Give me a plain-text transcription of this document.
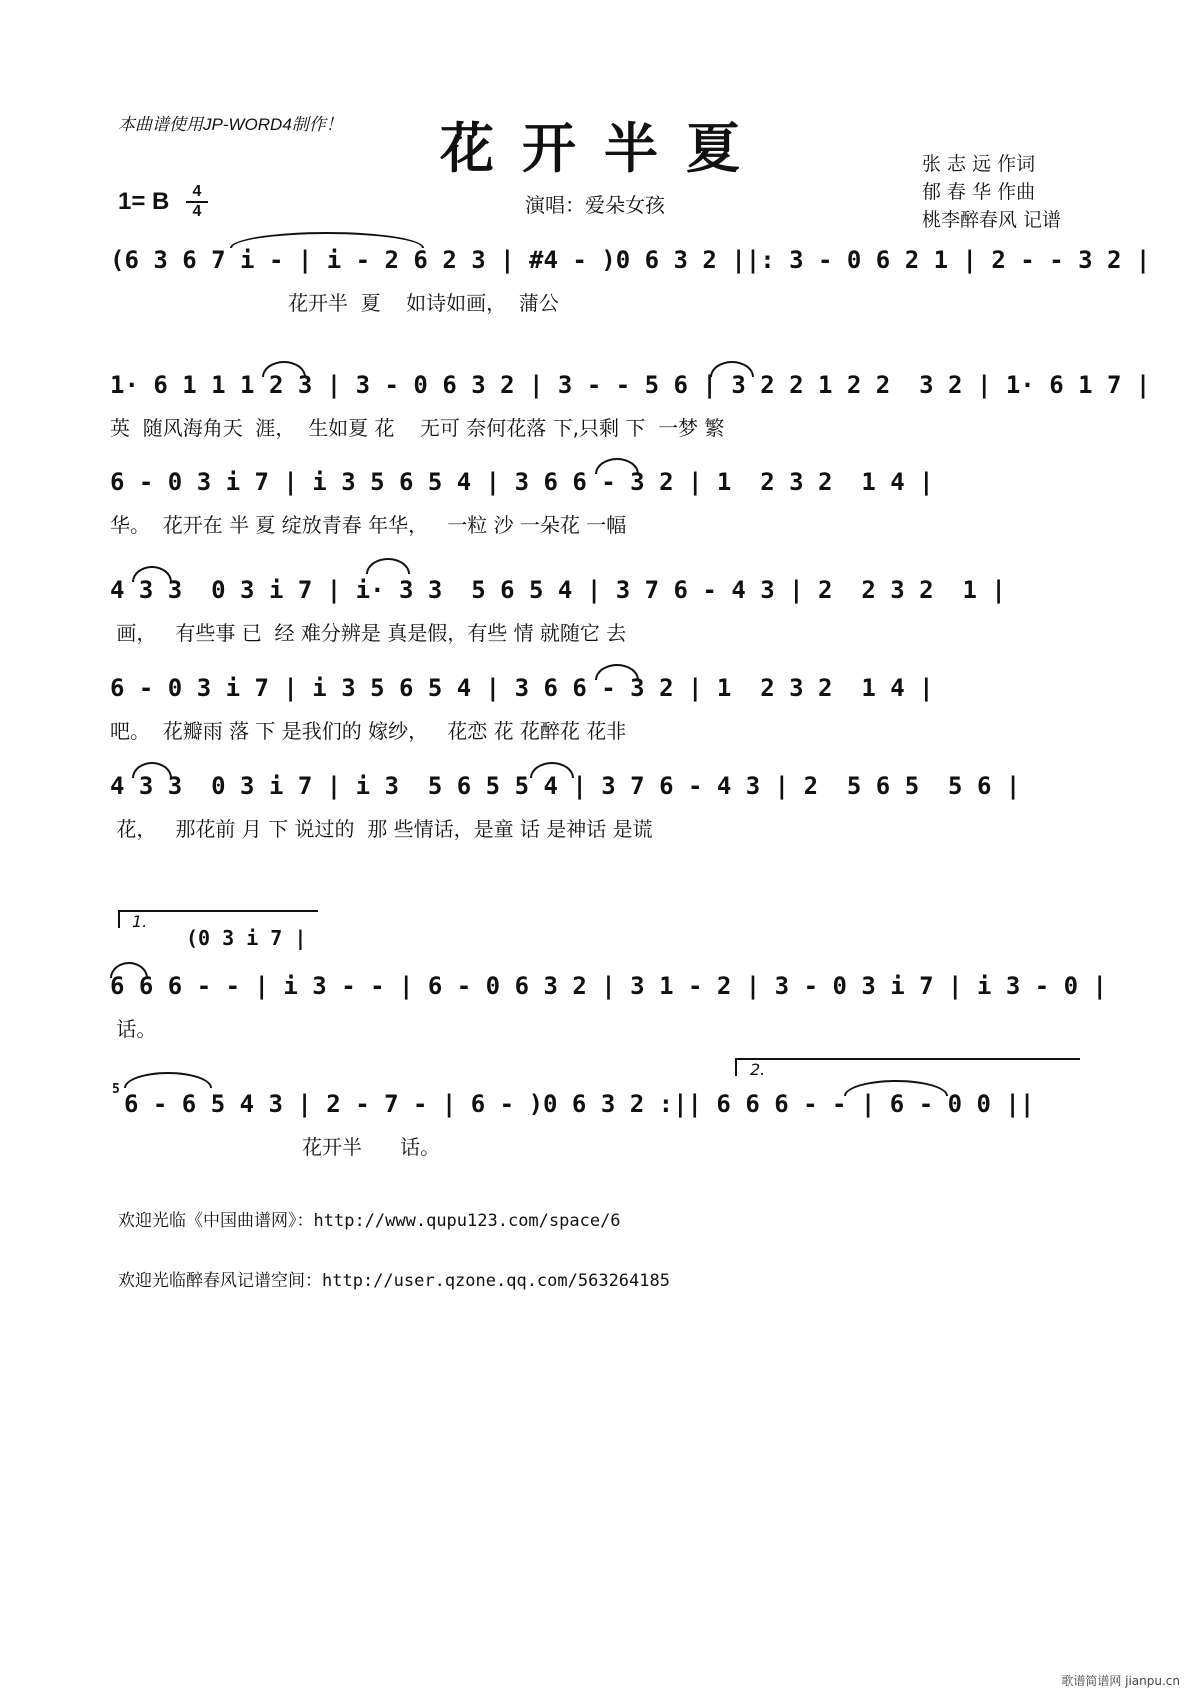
本曲谱使用JP-WORD4制作！ 花开半夏
1= B	4
4	演唱：爱朵女孩
张 志 远 作词
郁 春 华 作曲
桃李醉春风 记谱
(6 3 6 7 i - | i - 2 6 2 3 | #4 - )0 6 3 2 ||: 3 - 0 6 2 1 | 2 - - 3 2 |
花开半  夏    如诗如画，  蒲公
1· 6 1 1 1 2 3 | 3 - 0 6 3 2 | 3 - - 5 6 | 3 2 2 1 2 2  3 2 | 1· 6 1 7 |
英  随风海角天  涯，  生如夏 花    无可 奈何花落 下,只剩 下  一梦 繁
6 - 0 3 i 7 | i 3 5 6 5 4 | 3 6 6 - 3 2 | 1  2 3 2  1 4 |
华。  花开在 半 夏 绽放青春 年华，   一粒 沙 一朵花 一幅
4 3 3  0 3 i 7 | i· 3 3  5 6 5 4 | 3 7 6 - 4 3 | 2  2 3 2  1 |
画，   有些事 已  经 难分辨是 真是假，有些 情 就随它 去
6 - 0 3 i 7 | i 3 5 6 5 4 | 3 6 6 - 3 2 | 1  2 3 2  1 4 |
吧。  花瓣雨 落 下 是我们的 嫁纱，   花恋 花 花醉花 花非
4 3 3  0 3 i 7 | i 3  5 6 5 5 4 | 3 7 6 - 4 3 | 2  5 6 5  5 6 |
花，   那花前 月 下 说过的  那 些情话，是童 话 是神话 是谎
1.
(0 3 i 7 |
6 6 6 - - | i 3 - - | 6 - 0 6 3 2 | 3 1 - 2 | 3 - 0 3 i 7 | i 3 - 0 |
话。
2.
5
6 - 6 5 4 3 | 2 - 7 - | 6 - )0 6 3 2 :|| 6 6 6 - - | 6 - 0 0 ||
花开半      话。
欢迎光临《中国曲谱网》：http://www.qupu123.com/space/6
欢迎光临醉春风记谱空间：http://user.qzone.qq.com/563264185
歌谱简谱网 jianpu.cn
